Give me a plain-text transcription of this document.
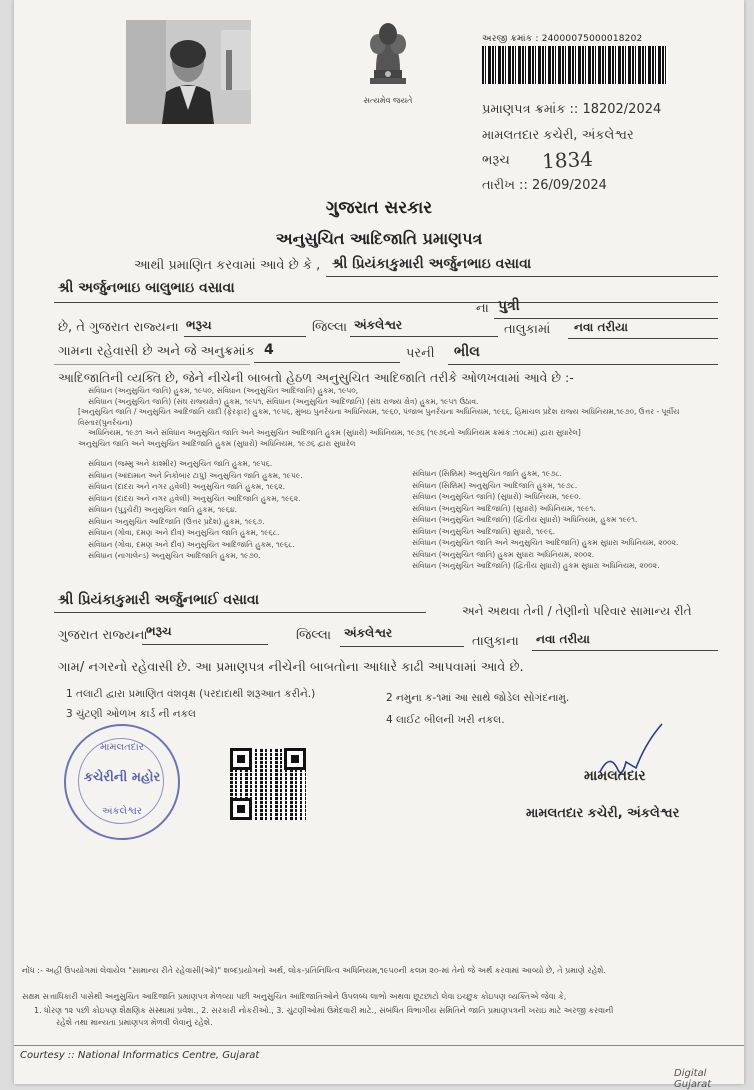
સત્યમેવ જયતે
અરજી ક્રમાંક : 24000075000018202
પ્રમાણપત્ર ક્રમાંક :: 18202/2024
મામલતદાર કચેરી, અંકલેશ્વર
ભરૂચ 1834
તારીખ :: 26/09/2024
ગુજરાત સરકાર
અનુસુચિત આદિજાતિ પ્રમાણપત્ર
આથી પ્રમાણિત કરવામાં આવે છે કે , શ્રી પ્રિયંકાકુમારી અર્જુનભાઇ વસાવા
શ્રી અર્જુનભાઇ બાલુભાઇ વસાવા
ના પુત્રી
છે, તે ગુજરાત રાજ્યના ભરૂચ	જિલ્લા અંકલેશ્વર	તાલુકામાં નવા તરીયા
ગામના રહેવાસી છે અને જે અનુક્રમાંક 4	પરની ભીલ
આદિજાતિની વ્યક્તિ છે, જેને નીચેની બાબતો હેઠળ અનુસુચિત આદિજાતિ તરીકે ઓળખવામાં આવે છે :-
સંવિધાન (અનુસુચિત જાતિ) હુકમ, ૧૯૫૦, સંવિધાન (અનુસુચિત આદિજાતિ) હુકમ, ૧૯૫૦,
સંવિધાન (અનુસુચિત જાતિ) (સંઘ રાજ્યક્ષેત્ર) હુકમ, ૧૯૫૧, સંવિધાન (અનુસુચિત આદિજાતિ) (સંઘ રાજ્ય ક્ષેત્ર) હુકમ, ૧૯૫૧ ઉઠાવ.
[અનુસુચિત જાતિ / અનુસુચિત આદિજાતિ યાદી (ફેરફાર) હુકમ, ૧૯૫૬, મુંબઇ પુનર્રચના અધિનિયમ, ૧૯૬૦, પંજાબ પુનર્રચના અધિનિયમ, ૧૯૬૬, હિમાચલ પ્રદેશ રાજ્ય અધિનિયમ,૧૯૭૦, ઉત્તર - પૂર્વીય વિસ્તાર(પુનર્રચના)
અધિનિયમ, ૧૯૭૧ અને સંવિધાન અનુસુચિત જાતિ અને અનુસુચિત આદિજાતિ હુકમ (સુધારો) અધિનિયમ, ૧૯૭૬ (૧૯૭૬નો અધિનિયમ ક્રમાંક :૧૦૮માં) દ્વારા સુધારેલ]
અનુસુચિત જાતિ અને અનુસુચિત આદિજાતિ હુકમ (સુધારો) અધિનિયમ, ૧૯૭૬ દ્વારા સુધારેલ
સંવિધાન (જમ્મુ અને કાશ્મીર) અનુસુચિત જાતિ હુકમ, ૧૯૫૬.
સંવિધાન (આંદામાન અને નિકોબાર ટાપુ) અનુસુચિત જાતિ હુકમ, ૧૯૫૯.
સંવિધાન (દાદરા અને નગર હવેલી) અનુસુચિત જાતિ હુકમ, ૧૯૬૨.
સંવિધાન (દાદરા અને નગર હવેલી) અનુસુચિત આદિજાતિ હુકમ, ૧૯૬૨.
સંવિધાન (પુડુચેરી) અનુસુચિત જાતિ હુકમ, ૧૯૬૪.
સંવિધાન અનુસુચિત આદિજાતિ (ઉત્તર પ્રદેશ) હુકમ, ૧૯૬૭.
સંવિધાન (ગોવા, દમણ અને દીવ) અનુસુચિત જાતિ હુકમ, ૧૯૬૮.
સંવિધાન (ગોવા, દમણ અને દીવ) અનુસુચિત આદિજાતિ હુકમ, ૧૯૬૮.
સંવિધાન (નાગાલેન્ડ) અનુસુચિત આદિજાતિ હુકમ, ૧૯૭૦.
સંવિધાન (સિક્કિમ) અનુસુચિત જાતિ હુકમ, ૧૯૭૮.
સંવિધાન (સિક્કિમ) અનુસુચિત આદિજાતિ હુકમ, ૧૯૭૮.
સંવિધાન (અનુસુચિત જાતિ) (સુધારો) અધિનિયમ, ૧૯૯૦.
સંવિધાન (અનુસુચિત આદિજાતિ) (સુધારો) અધિનિયમ, ૧૯૯૧.
સંવિધાન (અનુસુચિત આદિજાતિ) (દ્વિતીય સુધારો) અધિનિયમ, હુકમ ૧૯૯૧.
સંવિધાન (અનુસુચિત આદિજાતિ) સુધારો, ૧૯૯૬.
સંવિધાન (અનુસુચિત જાતિ અને અનુસુચિત આદિજાતિ) હુકમ સુધારા અધિનિયમ, ૨૦૦૨.
સંવિધાન (અનુસુચિત જાતિ) હુકમ સુધારા અધિનિયમ, ૨૦૦૨.
સંવિધાન (અનુસુચિત આદિજાતિ) (દ્વિતીય સુધારો) હુકમ સુધારા અધિનિયમ, ૨૦૦૨.
શ્રી પ્રિયંકાકુમારી અર્જુનભાઈ વસાવા
અને અથવા તેની / તેણીનો પરિવાર સામાન્ય રીતે
ગુજરાત રાજ્યના
ભરૂચ	જિલ્લા અંકલેશ્વર
તાલુકાના નવા તરીયા
ગામ/ નગરનો રહેવાસી છે. આ પ્રમાણપત્ર નીચેની બાબતોના આધારે કાઢી આપવામાં આવે છે.
1 તલાટી દ્વારા પ્રમાણિત વંશવૃક્ષ (પરદાદાથી શરૂઆત કરીને.)	2 નમુના ક-૧માં આ સાથે જોડેલ સોગંદનામું.
3 ચુંટણી ઓળખ કાર્ડ ની નકલ	4 લાઈટ બીલની ખરી નકલ.
મામલતદાર
કચેરીની મહોર
અંકલેશ્વર
મામલતદાર
મામલતદાર કચેરી, અંકલેશ્વર
નોંધ :- અહીં ઉપયોગમાં લેવાયેલ "સામાન્ય રીતે રહેવાસી(ઓ)" શબ્દપ્રયોગનો અર્થ, લોક-પ્રતિનિધિત્વ અધિનિયમ,૧૯૫૦ની કલમ ૨૦-માં તેનો જે અર્થ કરવામાં આવ્યો છે, તે પ્રમાણે રહેશે.
સક્ષમ સત્તાધિકારી પાસેથી અનુસુચિત આદિજાતિ પ્રમાણપત્ર મેળવ્યા પછી અનુસુચિત આદિજાતિઓને ઉપલબ્ધ લાભો અથવા છૂટછાટો લેવા ઇચ્છુક કોઇપણ વ્યક્તિએ જેવા કે,
1. ધોરણ ૧૨ પછી કોઇપણ શૈક્ષણિક સંસ્થામાં પ્રવેશ., 2. સરકારી નોકરીઓ., 3. ચુંટણીઓમાં ઉમેદવારી માટે., સંબંધિત વિભાગીય સમિતિને જાતિ પ્રમાણપત્રની ખરાઇ માટે અરજી કરવાની
રહેશે તથા માન્યતા પ્રમાણપત્ર મેળવી લેવાનું રહેશે.
Courtesy :: National Informatics Centre, Gujarat
Digital Gujarat
